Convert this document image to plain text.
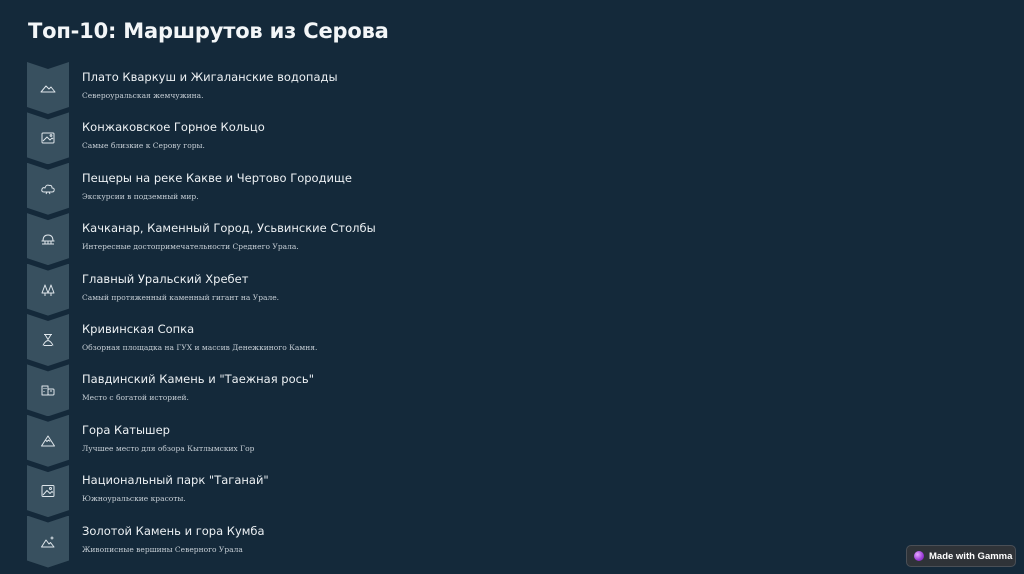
Топ-10: Маршрутов из Серова
Плато Кваркуш и Жигаланские водопады
Североуральская жемчужина.
Конжаковское Горное Кольцо
Самые близкие к Серову горы.
Пещеры на реке Какве и Чертово Городище
Экскурсии в подземный мир.
Качканар, Каменный Город, Усьвинские Столбы
Интересные достопримечательности Среднего Урала.
Главный Уральский Хребет
Самый протяженный каменный гигант на Урале.
Кривинская Сопка
Обзорная площадка на ГУХ и массив Денежкиного Камня.
Павдинский Камень и "Таежная рось"
Место с богатой историей.
Гора Катышер
Лучшее место для обзора Кытлымских Гор
Национальный парк "Таганай"
Южноуральские красоты.
Золотой Камень и гора Кумба
Живописные вершины Северного Урала
Made with Gamma
